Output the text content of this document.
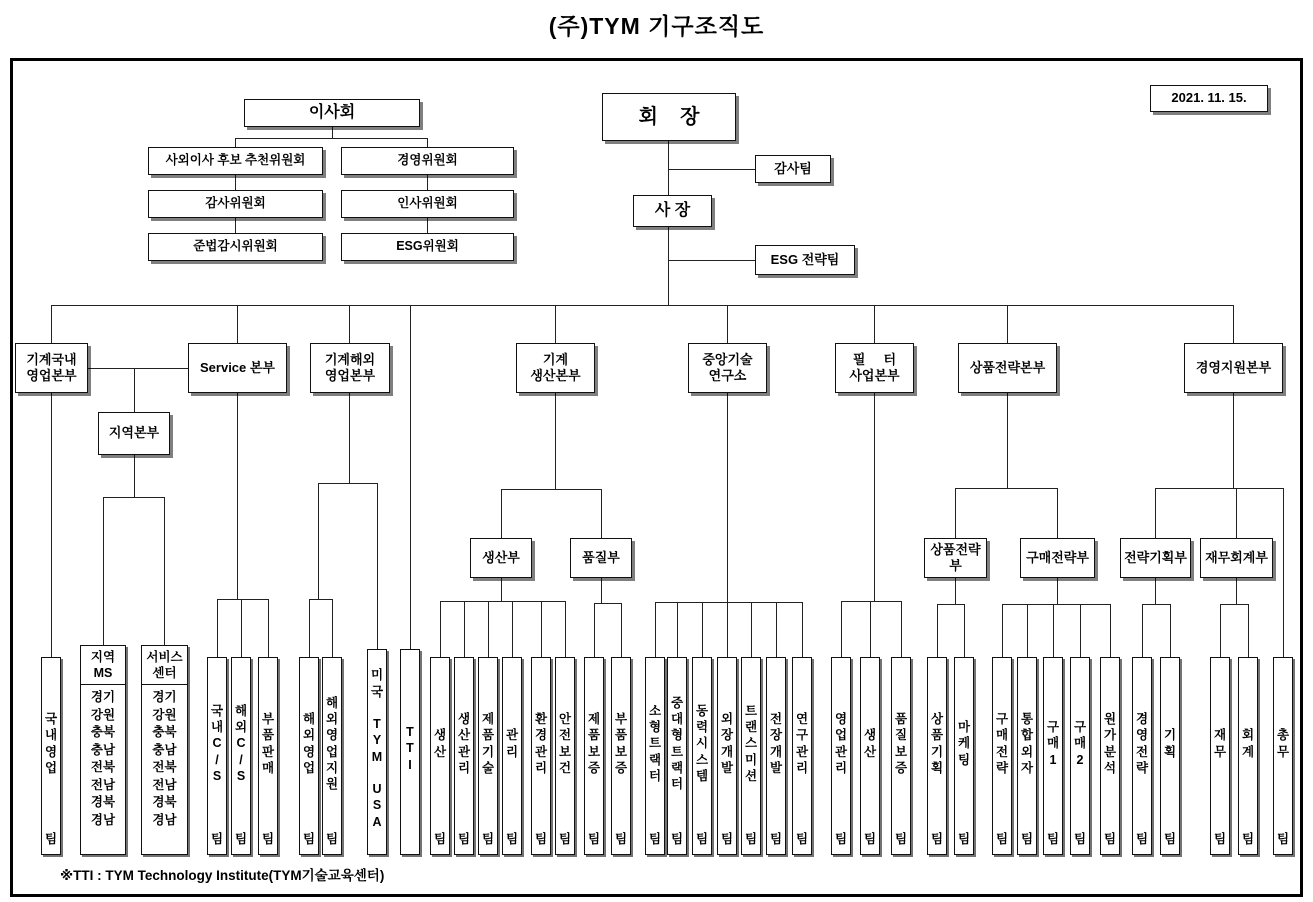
(주)TYM 기구조직도
2021. 11. 15.
이사회
사외이사 후보 추천위원회
감사위원회
준법감시위원회
경영위원회
인사위원회
ESG위원회
회    장
사 장
감사팀
ESG 전략팀
기계국내
영업본부
Service 본부
기계해외
영업본부
기계
생산본부
중앙기술
연구소
필     터
사업본부
상품전략본부	경영지원본부
지역본부
생산부	품질부
상품전략부
구매전략부	전략기획부	재무회계부
국
내
영
업
팀
지역
MS
경기
강원
충북
충남
전북
전남
경북
경남
서비스
센터
경기
강원
충북
충남
전북
전남
경북
경남
국
내
C
/
S
팀
해
외
C
/
S
팀
부
품
판
매
팀
해
외
영
업
팀
해
외
영
업
지
원
팀
미
국

T
Y
M

U
S
A
T
T
I
생
산
팀
생
산
관
리
팀
제
품
기
술
팀
관
리
팀
환
경
관
리
팀
안
전
보
건
팀
제
품
보
증
팀
부
품
보
증
팀
소
형
트
랙
터
팀
중
대
형
트
랙
터
팀
동
력
시
스
템
팀
외
장
개
발
팀
트
랜
스
미
션
팀
전
장
개
발
팀
연
구
관
리
팀
영
업
관
리
팀
생
산
팀
품
질
보
증
팀
상
품
기
획
팀
마
케
팅
팀
구
매
전
략
팀
통
합
외
자
팀
구
매
1
팀
구
매
2
팀
원
가
분
석
팀
경
영
전
략
팀
기
획
팀
재
무
팀
회
계
팀
총
무
팀
※TTI : TYM Technology Institute(TYM기술교육센터)
